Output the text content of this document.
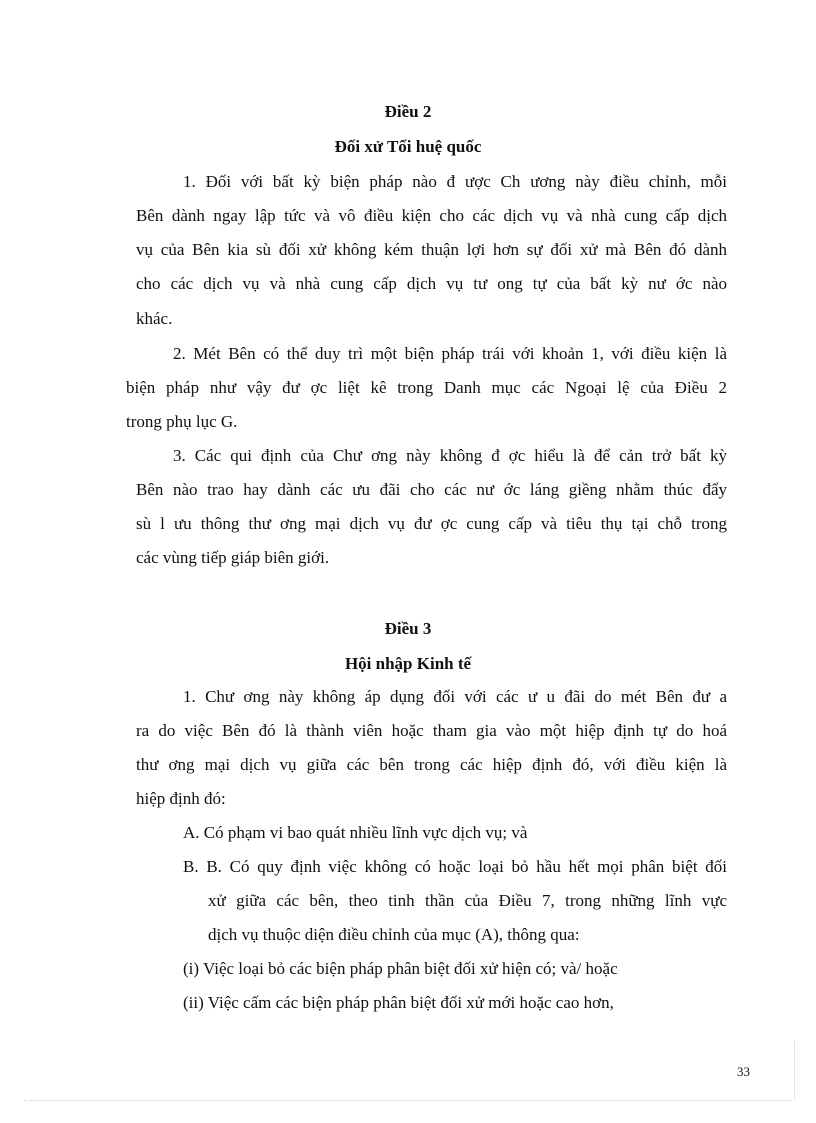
Điều 2
Đối xử Tối huệ quốc
1. Đối với bất kỳ biện pháp nào đ ược Ch ương này điều chỉnh, mỗi
Bên dành ngay lập tức và vô điều kiện cho các dịch vụ và nhà cung cấp dịch
vụ của Bên kia sù đối xử không kém thuận lợi hơn sự đối xử mà Bên đó dành
cho các dịch vụ và nhà cung cấp dịch vụ tư ong tự của bất kỳ nư ớc nào
khác.
2. Mét Bên có thể duy trì một biện pháp trái với khoản 1, với điều kiện là
biện pháp như vậy đư ợc liệt kê trong Danh mục các Ngoại lệ của Điều 2
trong phụ lục G.
3. Các qui định của Chư ơng này không đ ợc hiểu là để cản trở bất kỳ
Bên nào trao hay dành các ưu đãi cho các nư ớc láng giềng nhằm thúc đẩy
sù l ưu thông thư ơng mại dịch vụ đư ợc cung cấp và tiêu thụ tại chỗ trong
các vùng tiếp giáp biên giới.
Điều 3
Hội nhập Kinh tế
1. Chư ơng này không áp dụng đối với các ư u đãi do mét Bên đư a
ra do việc Bên đó là thành viên hoặc tham gia vào một hiệp định tự do hoá
thư ơng mại dịch vụ giữa các bên trong các hiệp định đó, với điều kiện là
hiệp định đó:
A. Có phạm vi bao quát nhiều lĩnh vực dịch vụ; và
B. B. Có quy định việc không có hoặc loại bỏ hầu hết mọi phân biệt đối
xử giữa các bên, theo tinh thần của Điều 7, trong những lĩnh vực
dịch vụ thuộc diện điều chỉnh của mục (A), thông qua:
(i) Việc loại bỏ các biện pháp phân biệt đối xử hiện có; và/ hoặc
(ii) Việc cấm các biện pháp phân biệt đối xử mới hoặc cao hơn,
33
